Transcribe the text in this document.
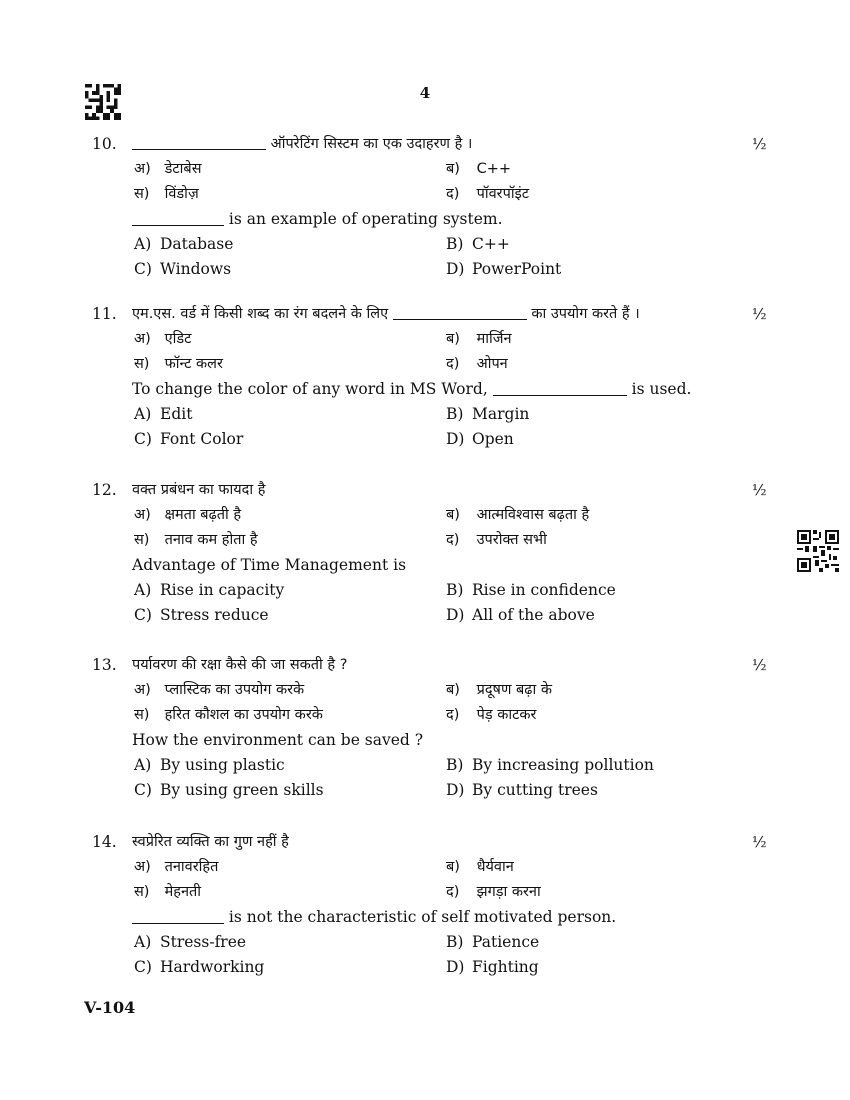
4
10.	ऑपरेटिंग सिस्टम का एक उदाहरण है ।	½
अ) डेटाबेस	ब) C++
स) विंडोज़	द) पॉवरपॉइंट
is an example of operating system.
A) Database	B) C++
C) Windows	D) PowerPoint
11. एम.एस. वर्ड में किसी शब्द का रंग बदलने के लिए	का उपयोग करते हैं ।	½
अ) एडिट	ब) मार्जिन
स) फॉन्ट कलर	द) ओपन
To change the color of any word in MS Word,	is used.
A) Edit	B) Margin
C) Font Color	D) Open
12. वक्त प्रबंधन का फायदा है	½
अ) क्षमता बढ़ती है	ब) आत्मविश्वास बढ़ता है
स) तनाव कम होता है	द) उपरोक्त सभी
Advantage of Time Management is
A) Rise in capacity	B) Rise in confidence
C) Stress reduce	D) All of the above
13. पर्यावरण की रक्षा कैसे की जा सकती है ?	½
अ) प्लास्टिक का उपयोग करके	ब) प्रदूषण बढ़ा के
स) हरित कौशल का उपयोग करके	द) पेड़ काटकर
How the environment can be saved ?
A) By using plastic	B) By increasing pollution
C) By using green skills	D) By cutting trees
14. स्वप्रेरित व्यक्ति का गुण नहीं है	½
अ) तनावरहित	ब) धैर्यवान
स) मेहनती	द) झगड़ा करना
is not the characteristic of self motivated person.
A) Stress-free	B) Patience
C) Hardworking	D) Fighting
V-104
